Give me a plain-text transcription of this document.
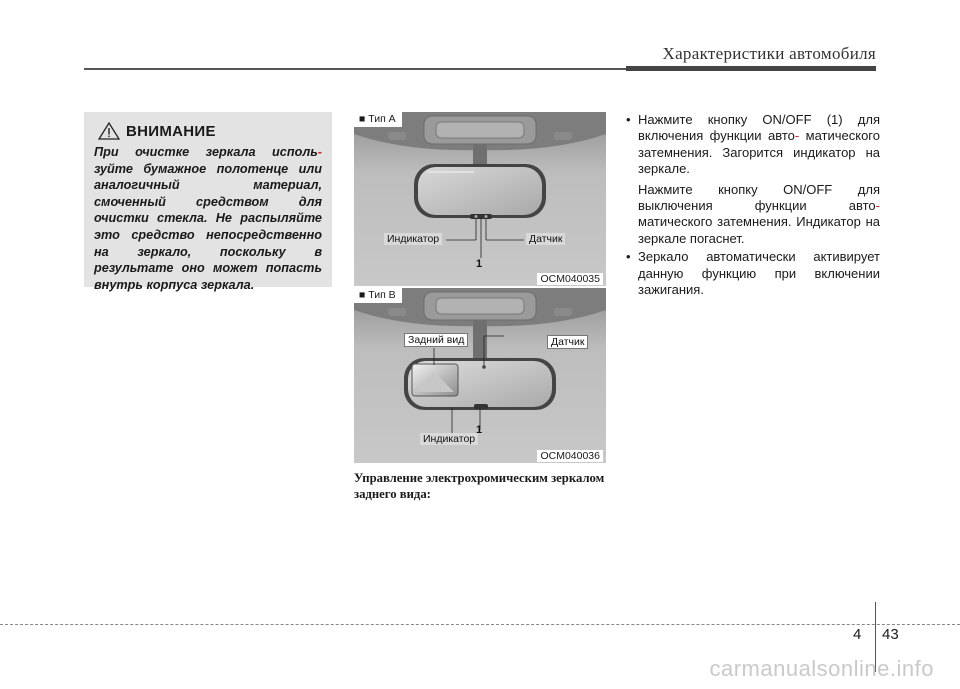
Характеристики автомобиля
ВНИМАНИЕ
При очистке зеркала исполь- зуйте бумажное полотенце или аналогичный материал, смоченный средством для очистки стекла. Не распыляйте это средство непосредственно на зеркало, поскольку в результате оно может попасть внутрь корпуса зеркала.
■ Тип A
Индикатор	Датчик
1
OCM040035
■ Тип B
Задний вид	Датчик
Индикатор
1
OCM040036
Управление электрохромическим зеркалом заднего вида:
• Нажмите кнопку ON/OFF (1) для включения функции авто- матического затемнения. Загорится индикатор на зеркале.

Нажмите кнопку ON/OFF для выключения функции авто- матического затемнения. Индикатор на зеркале погаснет.

• Зеркало автоматически активирует данную функцию при включении зажигания.

4 43
carmanualsonline.info
